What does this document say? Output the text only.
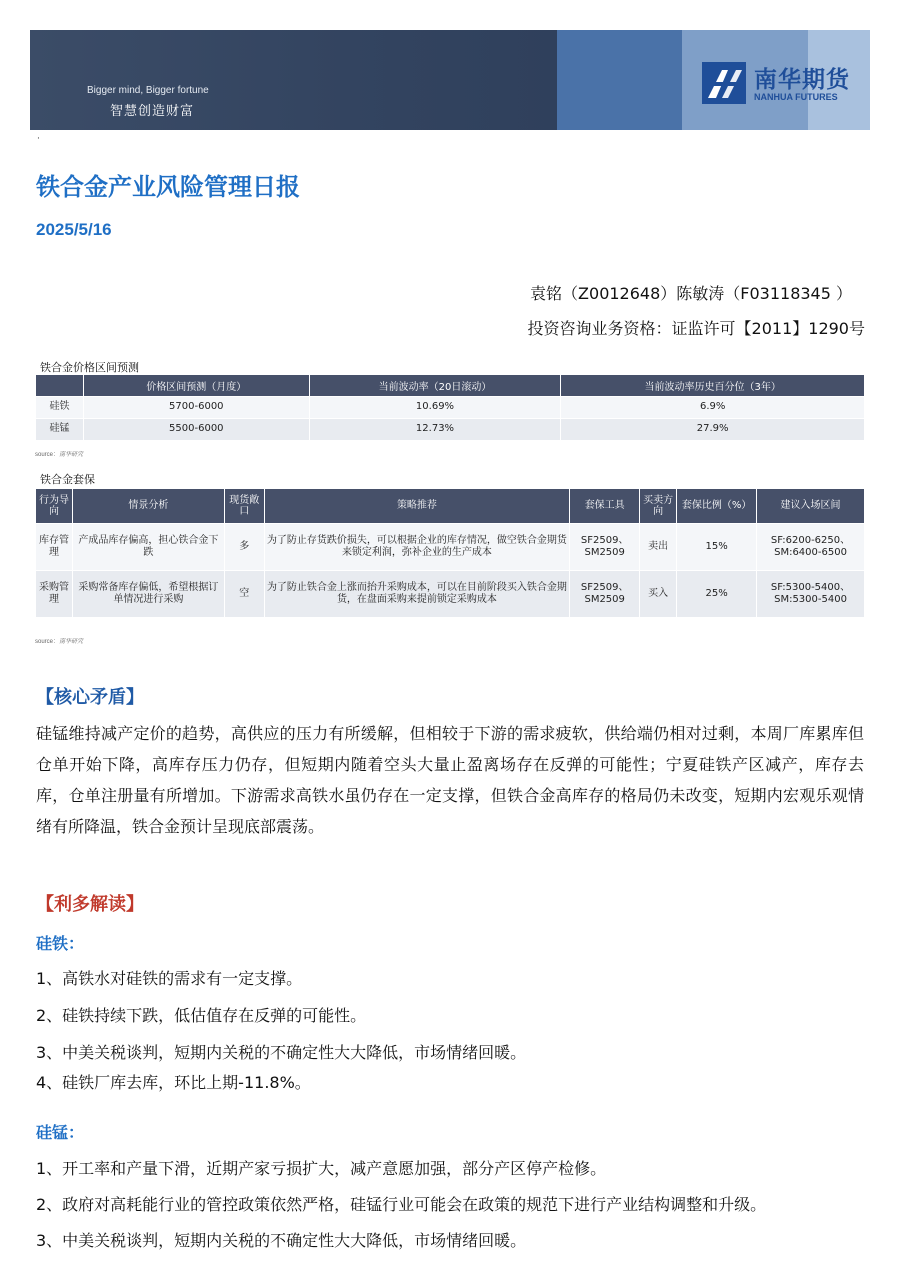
Bigger mind, Bigger fortune
智慧创造财富
南华期货
NANHUA FUTURES
·
铁合金产业风险管理日报
2025/5/16
袁铭（Z0012648）陈敏涛（F03118345 ）
投资咨询业务资格：证监许可【2011】1290号
铁合金价格区间预测
	价格区间预测（月度）	当前波动率（20日滚动）	当前波动率历史百分位（3年）
硅铁	5700-6000	10.69%	6.9%
硅锰	5500-6000	12.73%	27.9%
source：南华研究
铁合金套保
行为导向	情景分析	现货敞口	策略推荐	套保工具	买卖方向	套保比例（%）	建议入场区间
库存管理	产成品库存偏高，担心铁合金下跌	多	为了防止存货跌价损失，可以根据企业的库存情况，做空铁合金期货来锁定利润，弥补企业的生产成本	SF2509、SM2509	卖出	15%	SF:6200-6250、SM:6400-6500
采购管理	采购常备库存偏低，希望根据订单情况进行采购	空	为了防止铁合金上涨而抬升采购成本，可以在目前阶段买入铁合金期货，在盘面采购来提前锁定采购成本	SF2509、SM2509	买入	25%	SF:5300-5400、SM:5300-5400
source：南华研究
【核心矛盾】
硅锰维持减产定价的趋势，高供应的压力有所缓解，但相较于下游的需求疲软，供给端仍相对过剩，本周厂库累库但仓单开始下降，高库存压力仍存，但短期内随着空头大量止盈离场存在反弹的可能性；宁夏硅铁产区减产，库存去库，仓单注册量有所增加。下游需求高铁水虽仍存在一定支撑，但铁合金高库存的格局仍未改变，短期内宏观乐观情绪有所降温，铁合金预计呈现底部震荡。
【利多解读】
硅铁：
1、高铁水对硅铁的需求有一定支撑。
2、硅铁持续下跌，低估值存在反弹的可能性。
3、中美关税谈判，短期内关税的不确定性大大降低，市场情绪回暖。
4、硅铁厂库去库，环比上期-11.8%。
硅锰：
1、开工率和产量下滑，近期产家亏损扩大，减产意愿加强，部分产区停产检修。
2、政府对高耗能行业的管控政策依然严格，硅锰行业可能会在政策的规范下进行产业结构调整和升级。
3、中美关税谈判，短期内关税的不确定性大大降低，市场情绪回暖。
